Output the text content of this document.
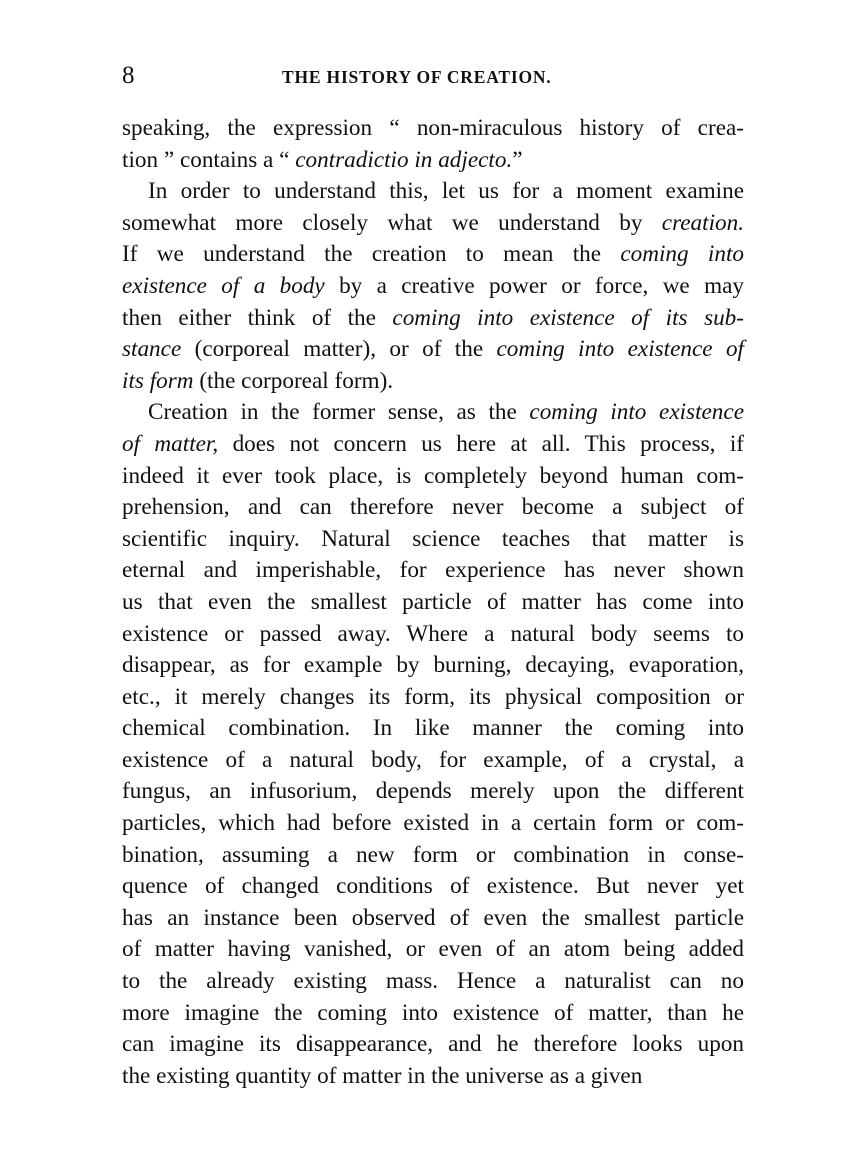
8	THE HISTORY OF CREATION.
speaking, the expression “ non-miraculous history of crea-
tion ” contains a “ contradictio in adjecto.”
In order to understand this, let us for a moment examine
somewhat more closely what we understand by creation.
If we understand the creation to mean the coming into
existence of a body by a creative power or force, we may
then either think of the coming into existence of its sub-
stance (corporeal matter), or of the coming into existence of
its form (the corporeal form).
Creation in the former sense, as the coming into existence
of matter, does not concern us here at all. This process, if
indeed it ever took place, is completely beyond human com-
prehension, and can therefore never become a subject of
scientific inquiry. Natural science teaches that matter is
eternal and imperishable, for experience has never shown
us that even the smallest particle of matter has come into
existence or passed away. Where a natural body seems to
disappear, as for example by burning, decaying, evaporation,
etc., it merely changes its form, its physical composition or
chemical combination. In like manner the coming into
existence of a natural body, for example, of a crystal, a
fungus, an infusorium, depends merely upon the different
particles, which had before existed in a certain form or com-
bination, assuming a new form or combination in conse-
quence of changed conditions of existence. But never yet
has an instance been observed of even the smallest particle
of matter having vanished, or even of an atom being added
to the already existing mass. Hence a naturalist can no
more imagine the coming into existence of matter, than he
can imagine its disappearance, and he therefore looks upon
the existing quantity of matter in the universe as a given
